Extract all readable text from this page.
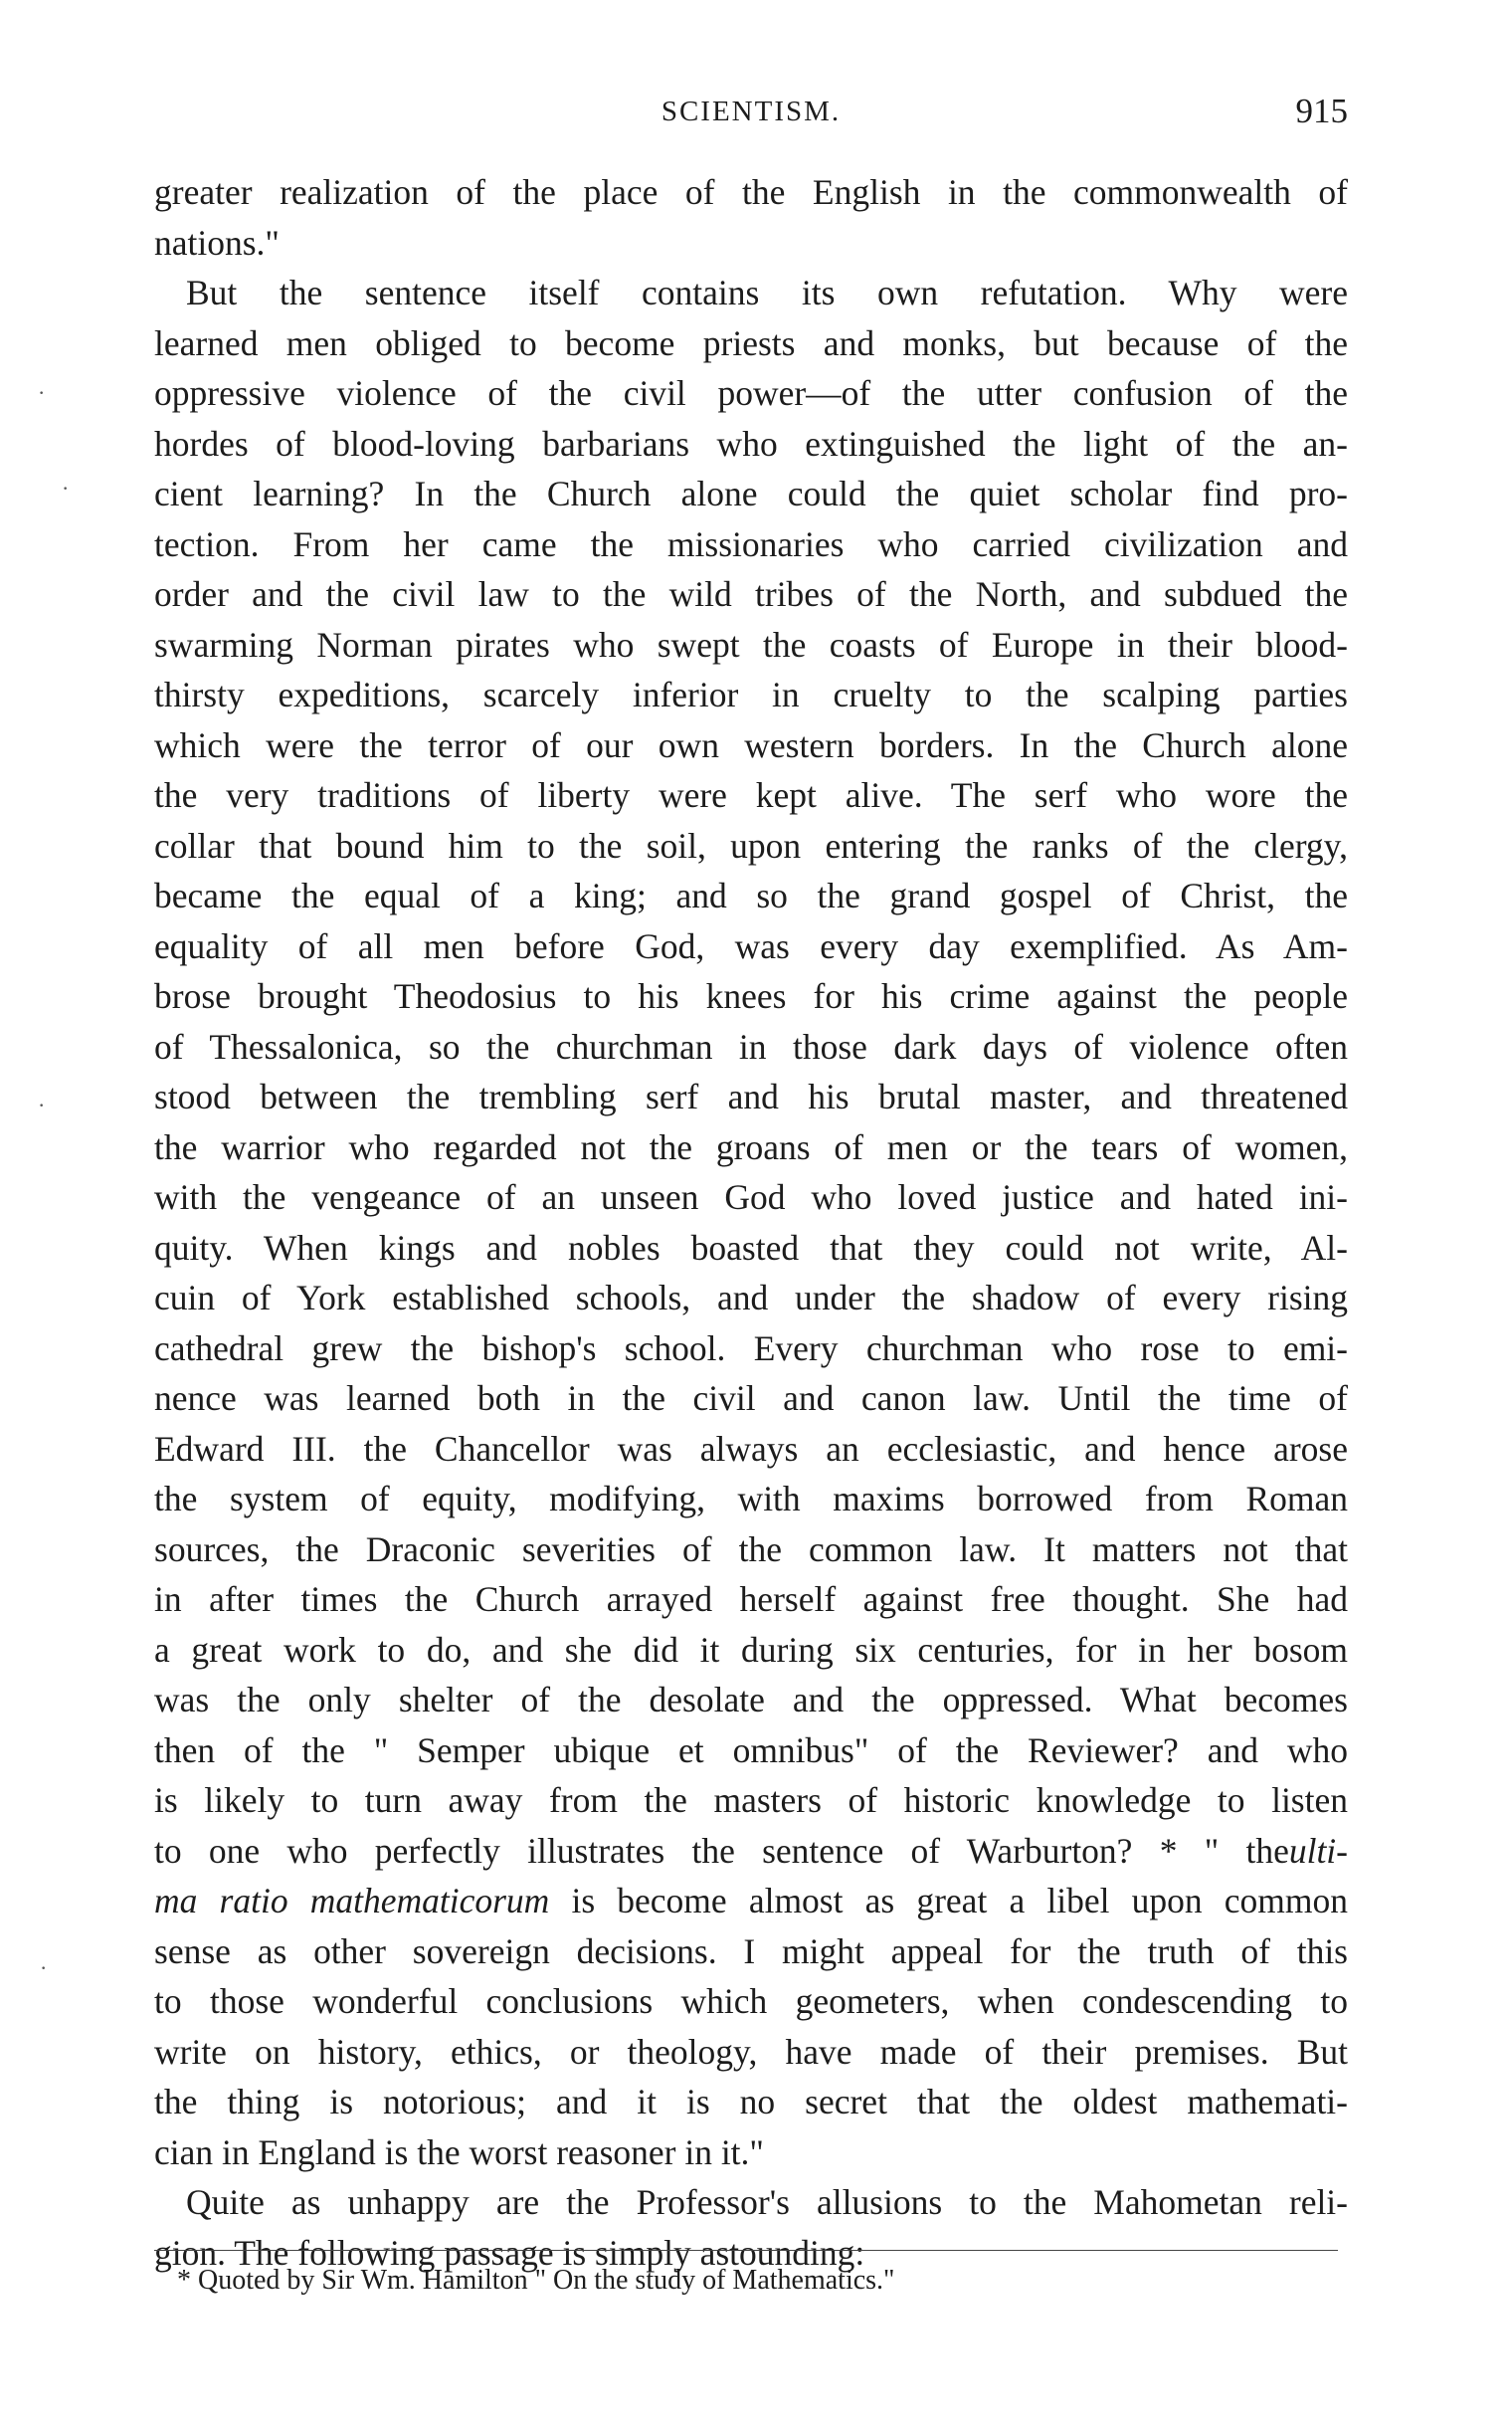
SCIENTISM.	915
greater realization of the place of the English in the commonwealth of
nations."
But the sentence itself contains its own refutation. Why were
learned men obliged to become priests and monks, but because of the
oppressive violence of the civil power—of the utter confusion of the
hordes of blood-loving barbarians who extinguished the light of the an-
cient learning? In the Church alone could the quiet scholar find pro-
tection. From her came the missionaries who carried civilization and
order and the civil law to the wild tribes of the North, and subdued the
swarming Norman pirates who swept the coasts of Europe in their blood-
thirsty expeditions, scarcely inferior in cruelty to the scalping parties
which were the terror of our own western borders. In the Church alone
the very traditions of liberty were kept alive. The serf who wore the
collar that bound him to the soil, upon entering the ranks of the clergy,
became the equal of a king; and so the grand gospel of Christ, the
equality of all men before God, was every day exemplified. As Am-
brose brought Theodosius to his knees for his crime against the people
of Thessalonica, so the churchman in those dark days of violence often
stood between the trembling serf and his brutal master, and threatened
the warrior who regarded not the groans of men or the tears of women,
with the vengeance of an unseen God who loved justice and hated ini-
quity. When kings and nobles boasted that they could not write, Al-
cuin of York established schools, and under the shadow of every rising
cathedral grew the bishop's school. Every churchman who rose to emi-
nence was learned both in the civil and canon law. Until the time of
Edward III. the Chancellor was always an ecclesiastic, and hence arose
the system of equity, modifying, with maxims borrowed from Roman
sources, the Draconic severities of the common law. It matters not that
in after times the Church arrayed herself against free thought. She had
a great work to do, and she did it during six centuries, for in her bosom
was the only shelter of the desolate and the oppressed. What becomes
then of the " Semper ubique et omnibus" of the Reviewer? and who
is likely to turn away from the masters of historic knowledge to listen
to one who perfectly illustrates the sentence of Warburton? * " theulti-
ma ratio mathematicorum is become almost as great a libel upon common
sense as other sovereign decisions. I might appeal for the truth of this
to those wonderful conclusions which geometers, when condescending to
write on history, ethics, or theology, have made of their premises. But
the thing is notorious; and it is no secret that the oldest mathemati-
cian in England is the worst reasoner in it."
Quite as unhappy are the Professor's allusions to the Mahometan reli-
gion. The following passage is simply astounding:
* Quoted by Sir Wm. Hamilton " On the study of Mathematics."
·
·
·
·
